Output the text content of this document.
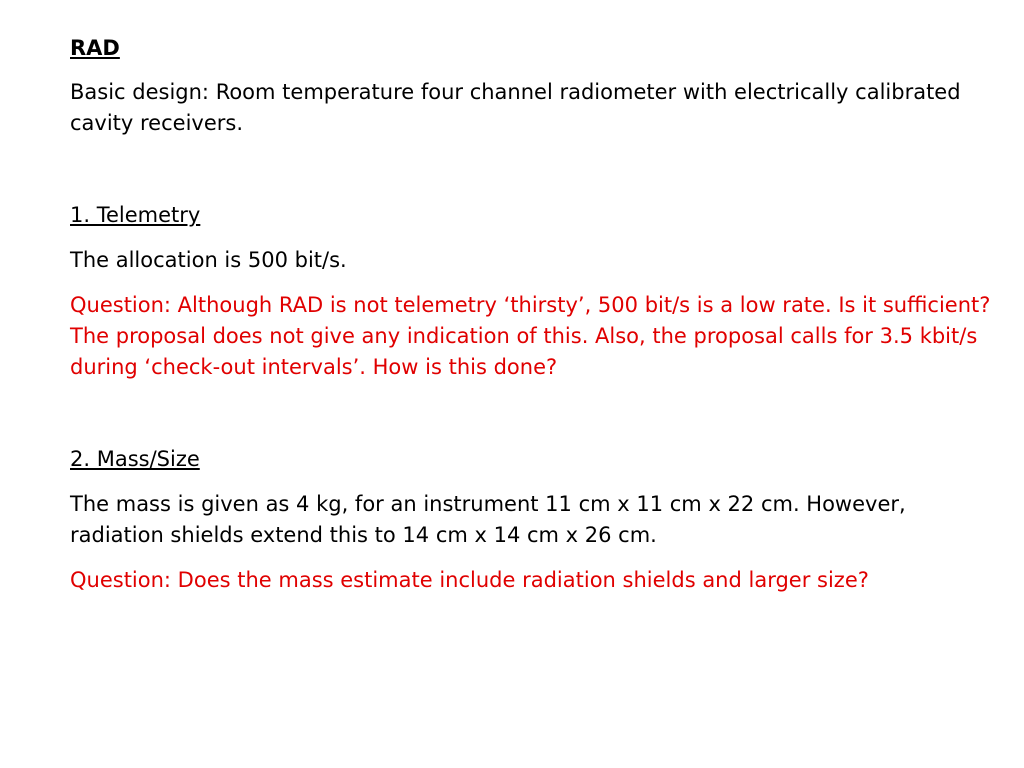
RAD

Basic design: Room temperature four channel radiometer with electrically calibrated cavity receivers.

1. Telemetry

The allocation is 500 bit/s.

Question: Although RAD is not telemetry ‘thirsty’, 500 bit/s is a low rate. Is it sufficient? The proposal does not give any indication of this. Also, the proposal calls for 3.5 kbit/s during ‘check-out intervals’. How is this done?

2. Mass/Size

The mass is given as 4 kg, for an instrument 11 cm x 11 cm x 22 cm. However, radiation shields extend this to 14 cm x 14 cm x 26 cm.

Question: Does the mass estimate include radiation shields and larger size?
